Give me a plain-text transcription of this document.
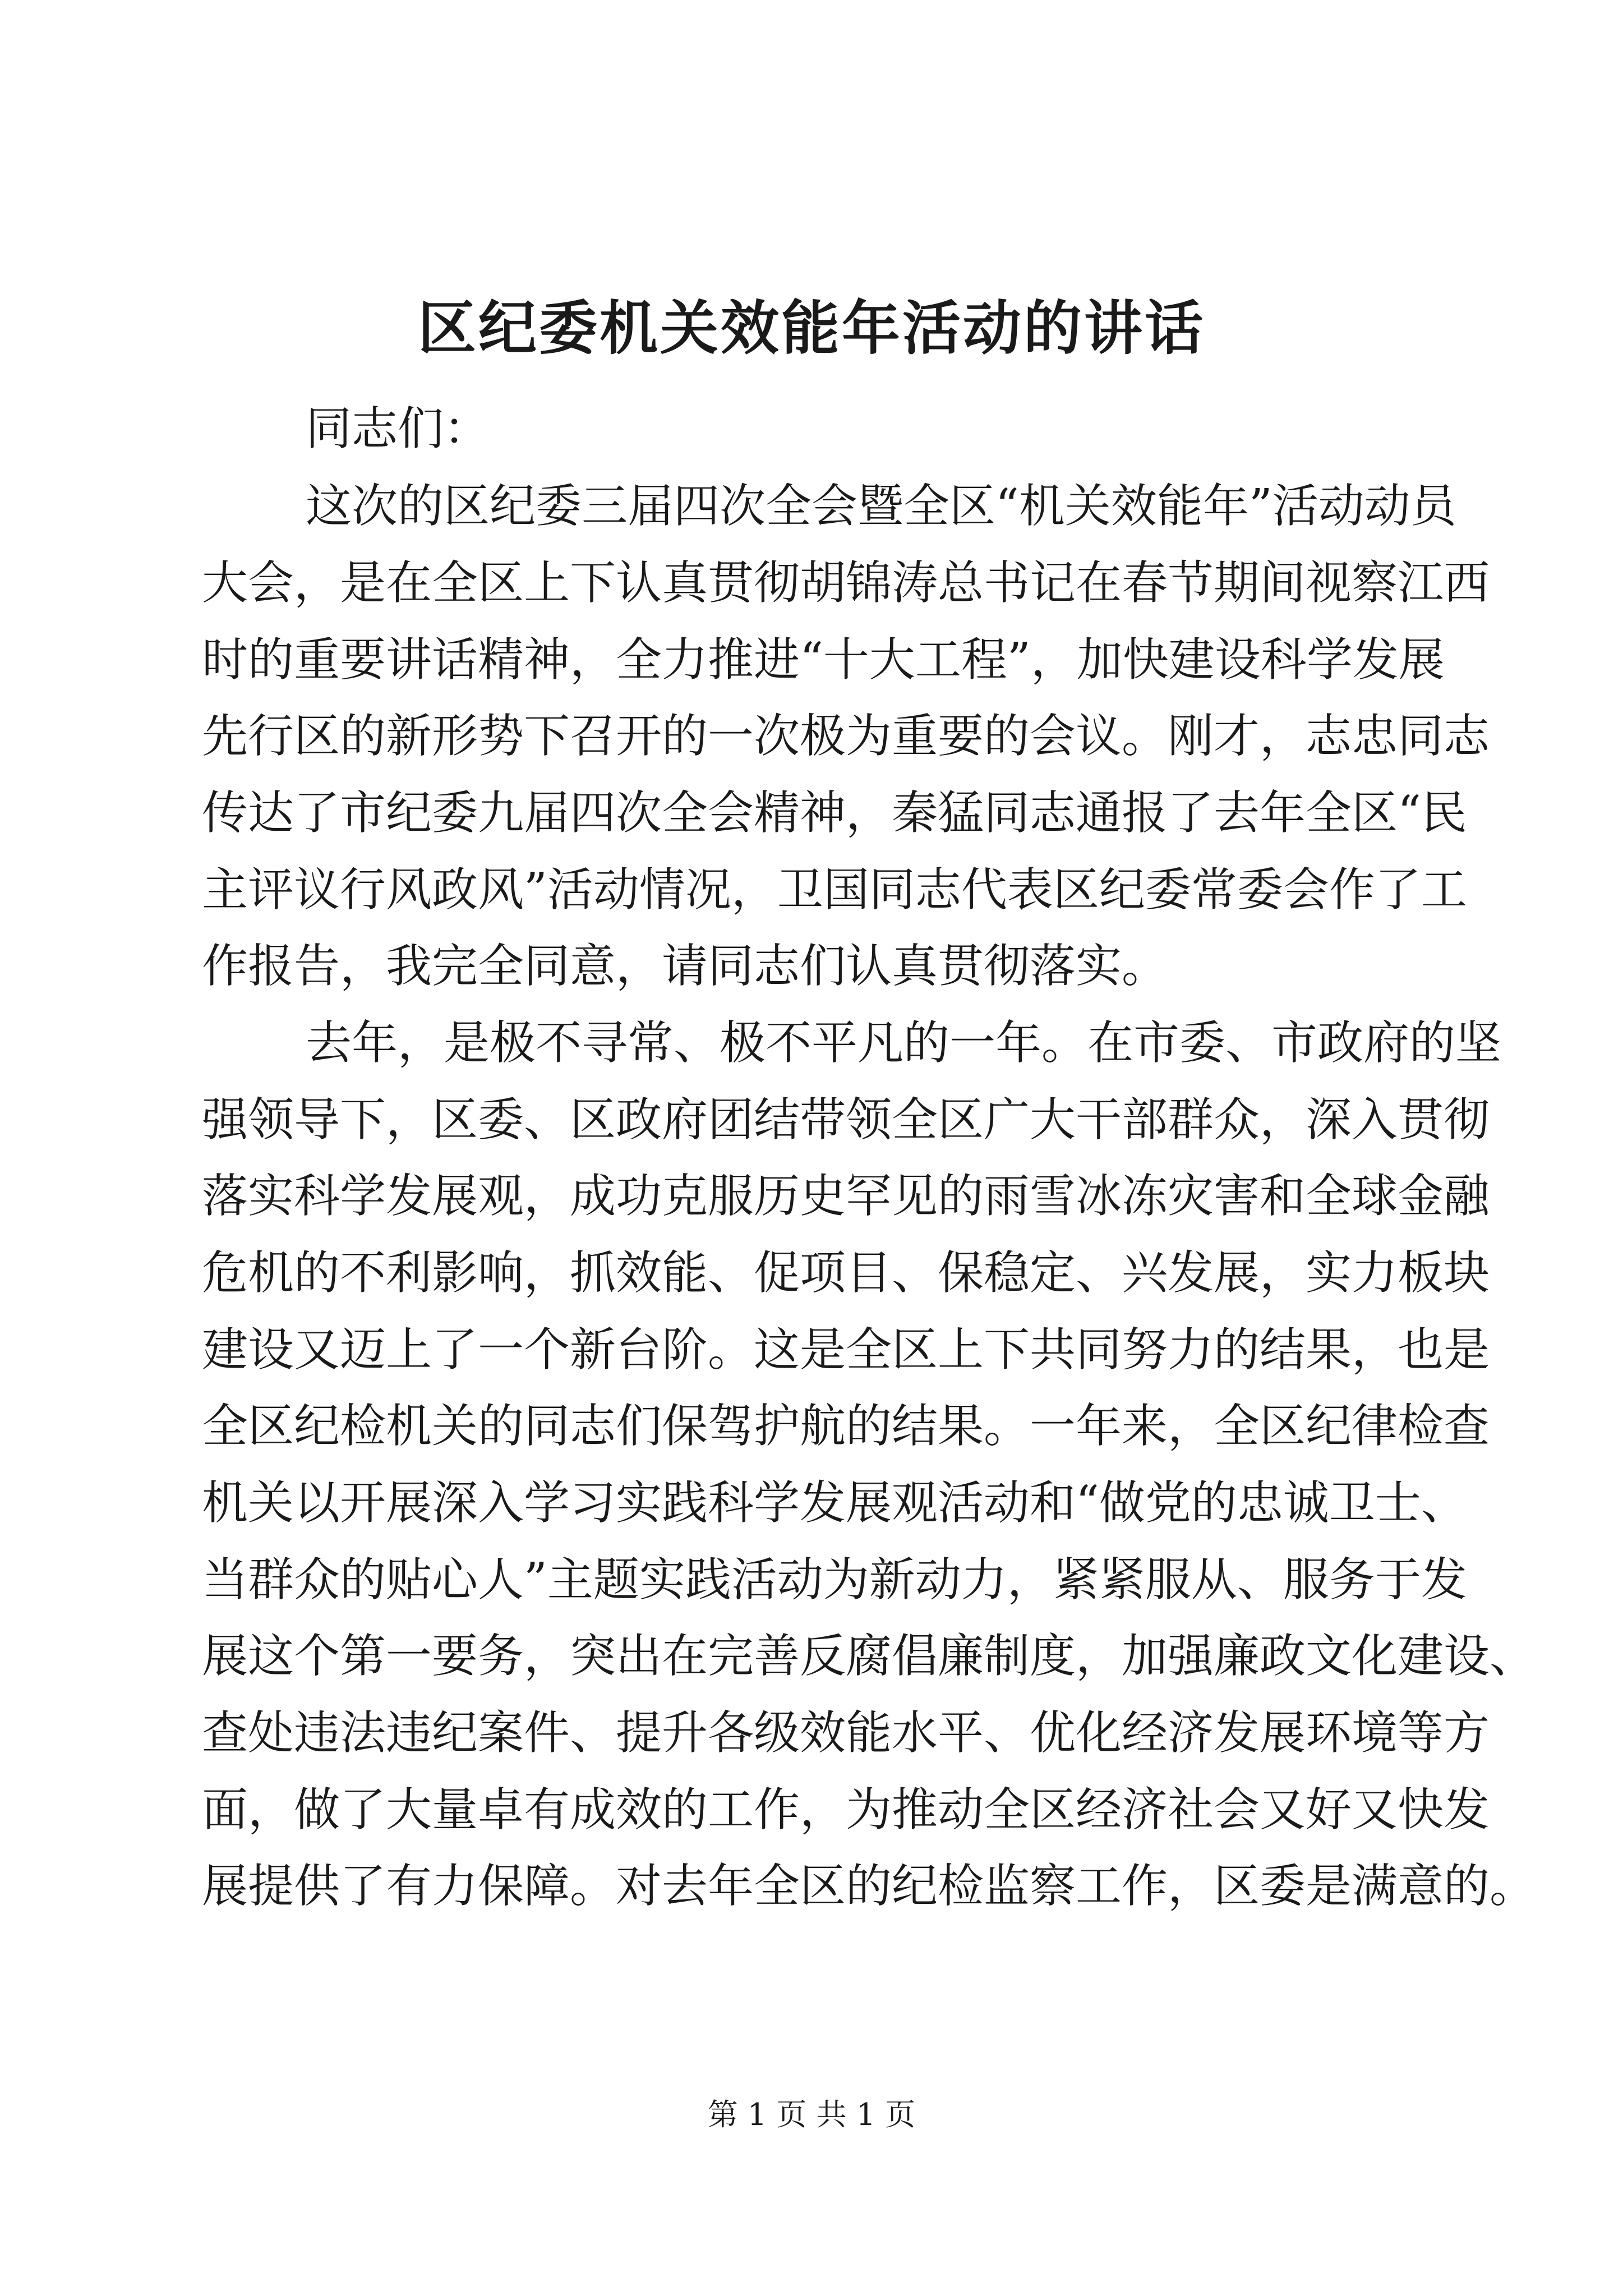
区纪委机关效能年活动的讲话

同志们：

这次的区纪委三届四次全会暨全区“机关效能年”活动动员

大会，是在全区上下认真贯彻胡锦涛总书记在春节期间视察江西

时的重要讲话精神，全力推进“十大工程”，加快建设科学发展

先行区的新形势下召开的一次极为重要的会议。刚才，志忠同志

传达了市纪委九届四次全会精神，秦猛同志通报了去年全区“民

主评议行风政风”活动情况，卫国同志代表区纪委常委会作了工

作报告，我完全同意，请同志们认真贯彻落实。

去年，是极不寻常、极不平凡的一年。在市委、市政府的坚

强领导下，区委、区政府团结带领全区广大干部群众，深入贯彻

落实科学发展观，成功克服历史罕见的雨雪冰冻灾害和全球金融

危机的不利影响，抓效能、促项目、保稳定、兴发展，实力板块

建设又迈上了一个新台阶。这是全区上下共同努力的结果，也是

全区纪检机关的同志们保驾护航的结果。一年来，全区纪律检查

机关以开展深入学习实践科学发展观活动和“做党的忠诚卫士、

当群众的贴心人”主题实践活动为新动力，紧紧服从、服务于发

展这个第一要务，突出在完善反腐倡廉制度，加强廉政文化建设、

查处违法违纪案件、提升各级效能水平、优化经济发展环境等方

面，做了大量卓有成效的工作，为推动全区经济社会又好又快发

展提供了有力保障。对去年全区的纪检监察工作，区委是满意的。

第 1 页 共 1 页
